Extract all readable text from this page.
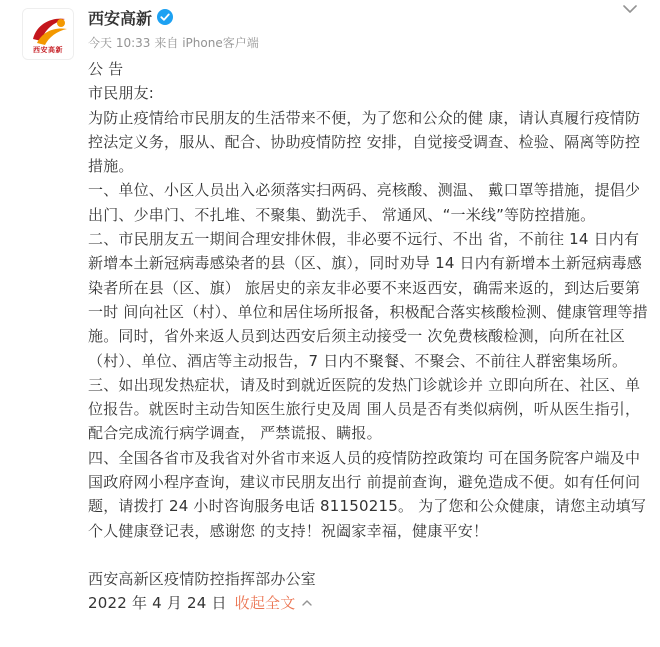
西安高新
西安高新
今天 10:33 来自 iPhone客户端

公 告

市民朋友:

为防止疫情给市民朋友的生活带来不便，为了您和公众的健 康，请认真履行疫情防控法定义务，服从、配合、协助疫情防控 安排，自觉接受调查、检验、隔离等防控措施。

一、单位、小区人员出入必须落实扫两码、亮核酸、测温、 戴口罩等措施，提倡少出门、少串门、不扎堆、不聚集、勤洗手、 常通风、“一米线”等防控措施。

二、市民朋友五一期间合理安排休假，非必要不远行、不出 省，不前往 14 日内有新增本土新冠病毒感染者的县（区、旗），同时劝导 14 日内有新增本土新冠病毒感染者所在县（区、旗） 旅居史的亲友非必要不来返西安，确需来返的，到达后要第一时 间向社区（村）、单位和居住场所报备，积极配合落实核酸检测、健康管理等措施。同时，省外来返人员到达西安后须主动接受一 次免费核酸检测，向所在社区（村）、单位、酒店等主动报告，7 日内不聚餐、不聚会、不前往人群密集场所。

三、如出现发热症状，请及时到就近医院的发热门诊就诊并 立即向所在、社区、单位报告。就医时主动告知医生旅行史及周 围人员是否有类似病例，听从医生指引，配合完成流行病学调查， 严禁谎报、瞒报。

四、全国各省市及我省对外省市来返人员的疫情防控政策均 可在国务院客户端及中国政府网小程序查询，建议市民朋友出行 前提前查询，避免造成不便。如有任何问题，请拨打 24 小时咨询服务电话 81150215。 为了您和公众健康，请您主动填写个人健康登记表，感谢您 的支持！祝阖家幸福，健康平安！

西安高新区疫情防控指挥部办公室

2022 年 4 月 24 日 收起全文
